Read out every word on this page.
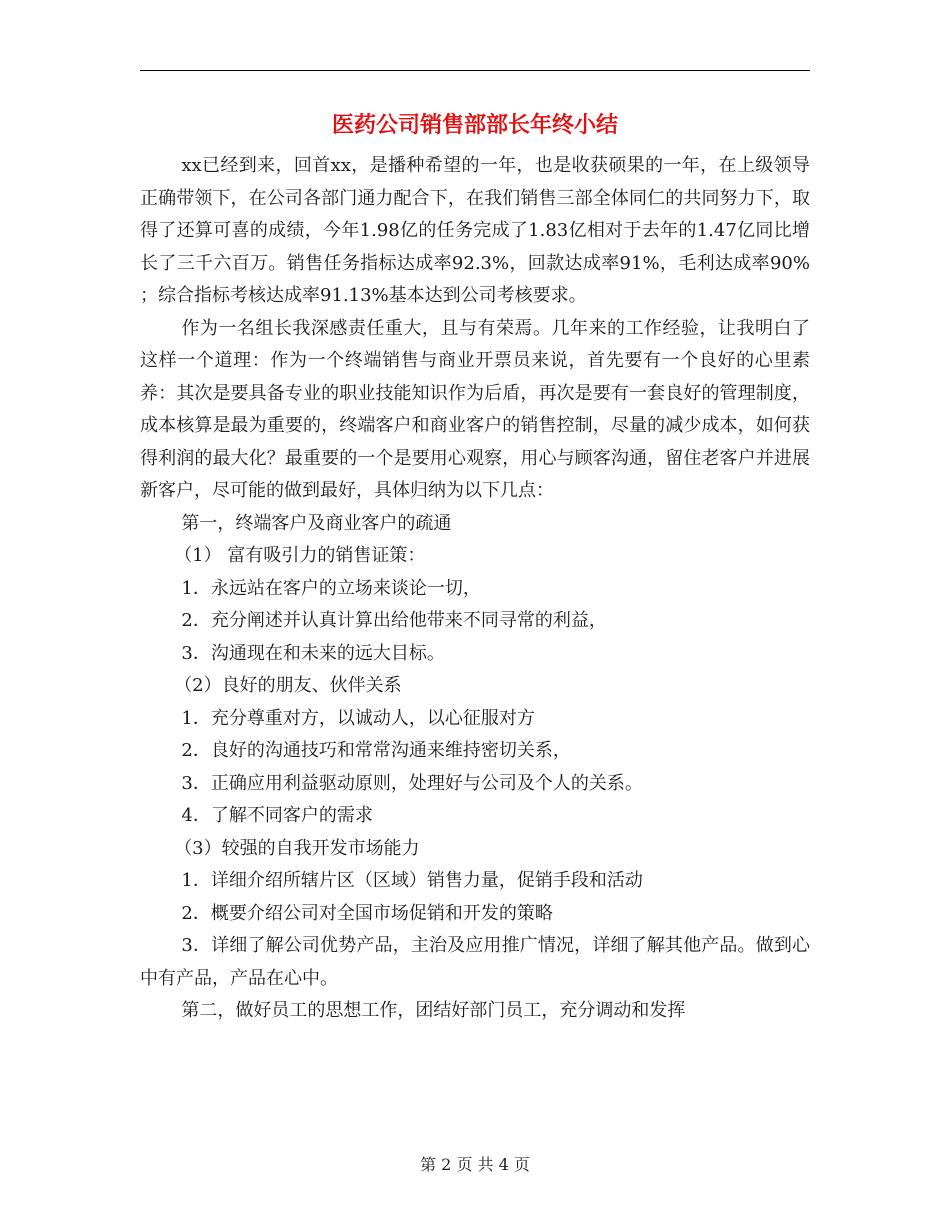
医药公司销售部部长年终小结

xx已经到来，回首xx，是播种希望的一年，也是收获硕果的一年，在上级领导正确带领下，在公司各部门通力配合下，在我们销售三部全体同仁的共同努力下，取得了还算可喜的成绩，今年1.98亿的任务完成了1.83亿相对于去年的1.47亿同比增长了三千六百万。销售任务指标达成率92.3%，回款达成率91%，毛利达成率90% ；综合指标考核达成率91.13%基本达到公司考核要求。

作为一名组长我深感责任重大，且与有荣焉。几年来的工作经验，让我明白了这样一个道理：作为一个终端销售与商业开票员来说，首先要有一个良好的心里素养：其次是要具备专业的职业技能知识作为后盾，再次是要有一套良好的管理制度，成本核算是最为重要的，终端客户和商业客户的销售控制，尽量的减少成本，如何获得利润的最大化？最重要的一个是要用心观察，用心与顾客沟通，留住老客户并进展新客户，尽可能的做到最好，具体归纳为以下几点：

第一，终端客户及商业客户的疏通

（1） 富有吸引力的销售证策：

1．永远站在客户的立场来谈论一切，

2．充分阐述并认真计算出给他带来不同寻常的利益，

3．沟通现在和未来的远大目标。

（2）良好的朋友、伙伴关系

1．充分尊重对方，以诚动人，以心征服对方

2．良好的沟通技巧和常常沟通来维持密切关系，

3．正确应用利益驱动原则，处理好与公司及个人的关系。

4．了解不同客户的需求

（3）较强的自我开发市场能力

1．详细介绍所辖片区（区域）销售力量，促销手段和活动

2．概要介绍公司对全国市场促销和开发的策略

3．详细了解公司优势产品，主治及应用推广情况，详细了解其他产品。做到心中有产品，产品在心中。

第二，做好员工的思想工作，团结好部门员工，充分调动和发挥

第 2 页 共 4 页
